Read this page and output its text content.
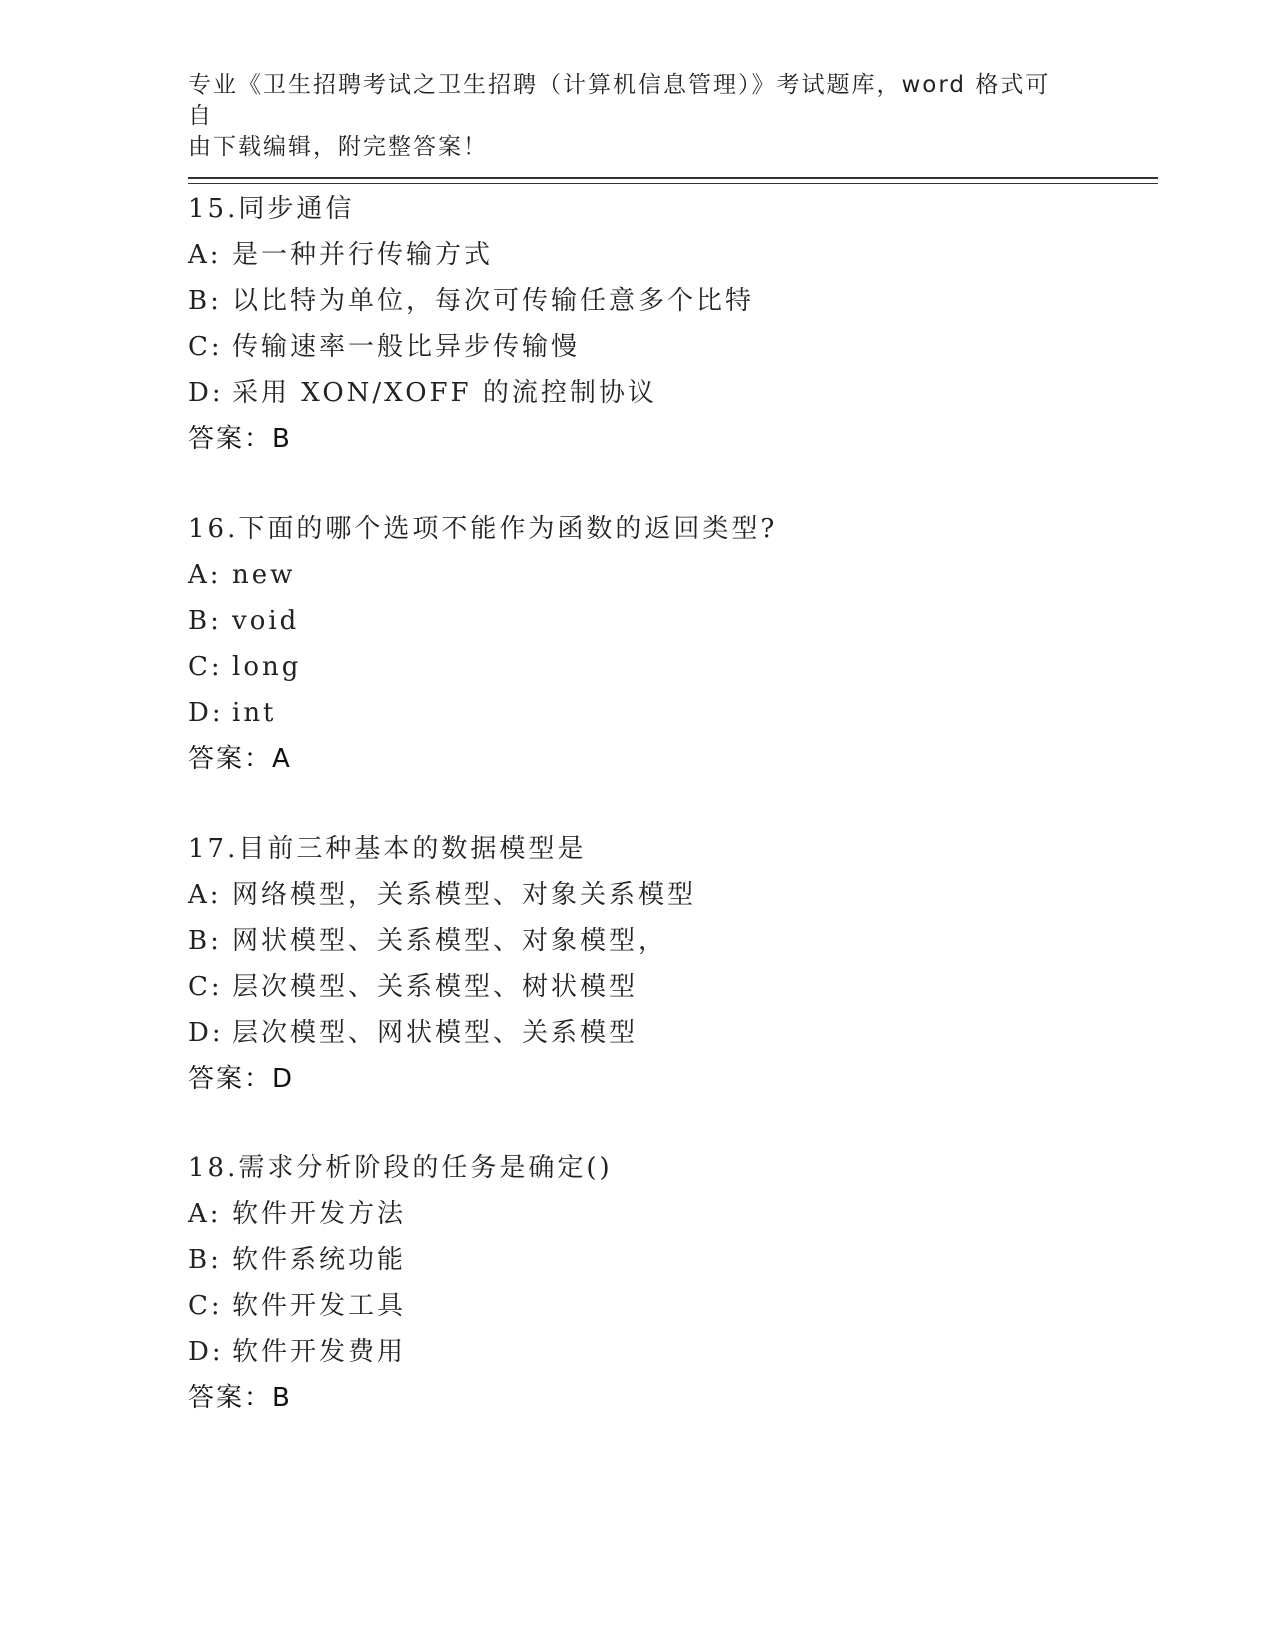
专业《卫生招聘考试之卫生招聘（计算机信息管理）》考试题库，word 格式可自
由下载编辑，附完整答案！
15.同步通信
A: 是一种并行传输方式
B: 以比特为单位，每次可传输任意多个比特
C: 传输速率一般比异步传输慢
D: 采用 XON/XOFF 的流控制协议
答案：B
16.下面的哪个选项不能作为函数的返回类型?
A: new
B: void
C: long
D: int
答案：A
17.目前三种基本的数据模型是
A: 网络模型，关系模型、对象关系模型
B: 网状模型、关系模型、对象模型，
C: 层次模型、关系模型、树状模型
D: 层次模型、网状模型、关系模型
答案：D
18.需求分析阶段的任务是确定()
A: 软件开发方法
B: 软件系统功能
C: 软件开发工具
D: 软件开发费用
答案：B
